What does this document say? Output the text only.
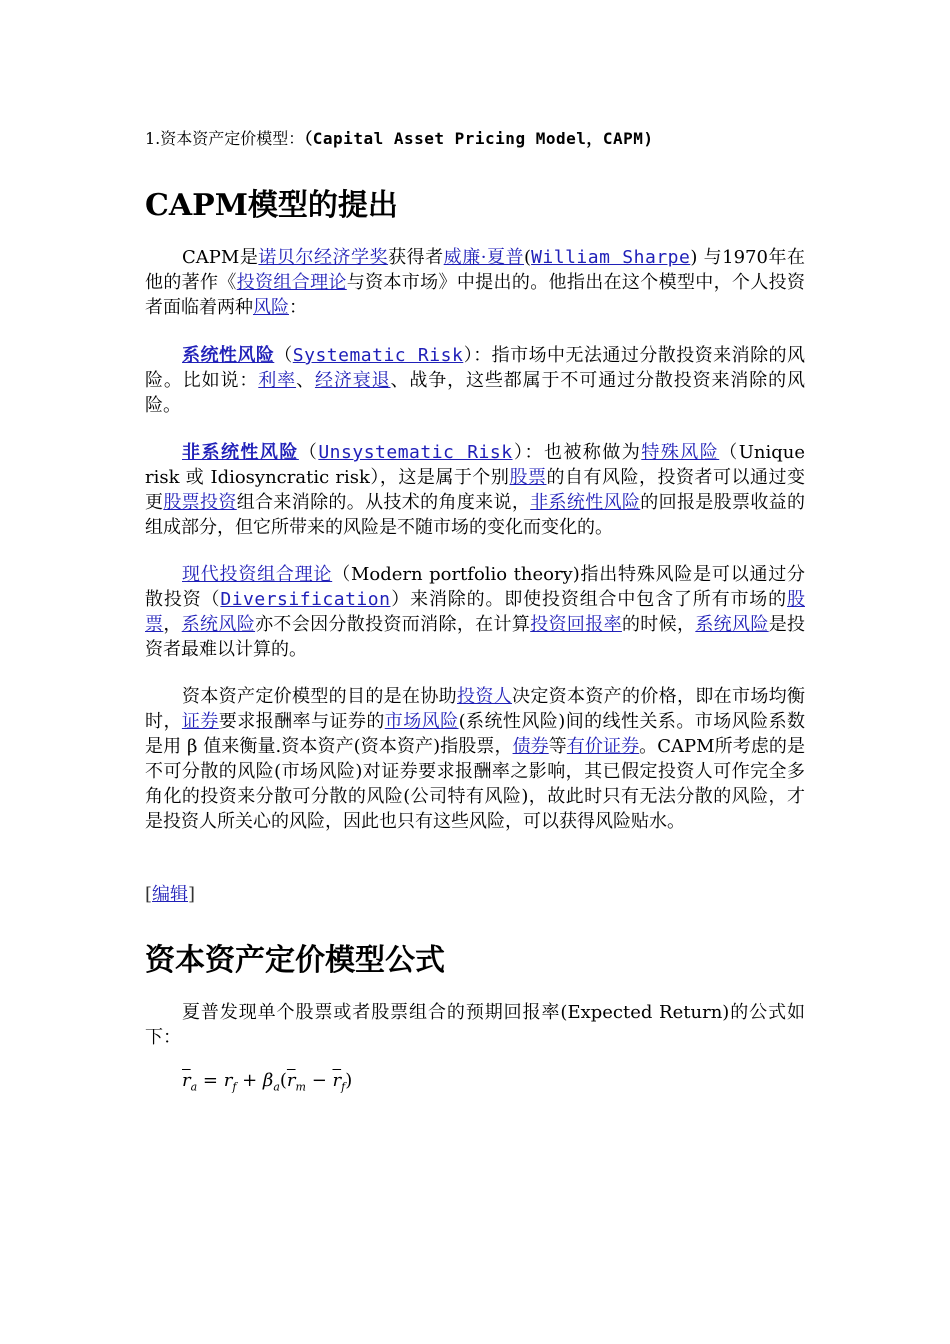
1.资本资产定价模型：（Capital Asset Pricing Model，CAPM)
CAPM模型的提出

CAPM是诺贝尔经济学奖获得者威廉·夏普(William Sharpe) 与1970年在他的著作《投资组合理论与资本市场》中提出的。他指出在这个模型中，个人投资者面临着两种风险：

系统性风险（Systematic Risk）：指市场中无法通过分散投资来消除的风险。比如说：利率、经济衰退、战争，这些都属于不可通过分散投资来消除的风险。

非系统性风险（Unsystematic Risk）：也被称做为特殊风险（Unique risk 或 Idiosyncratic risk），这是属于个别股票的自有风险，投资者可以通过变更股票投资组合来消除的。从技术的角度来说，非系统性风险的回报是股票收益的组成部分，但它所带来的风险是不随市场的变化而变化的。

现代投资组合理论（Modern portfolio theory)指出特殊风险是可以通过分散投资（Diversification）来消除的。即使投资组合中包含了所有市场的股票，系统风险亦不会因分散投资而消除，在计算投资回报率的时候，系统风险是投资者最难以计算的。

资本资产定价模型的目的是在协助投资人决定资本资产的价格，即在市场均衡时，证券要求报酬率与证券的市场风险(系统性风险)间的线性关系。市场风险系数是用 β 值来衡量.资本资产(资本资产)指股票，债券等有价证券。CAPM所考虑的是不可分散的风险(市场风险)对证券要求报酬率之影响，其已假定投资人可作完全多角化的投资来分散可分散的风险(公司特有风险)，故此时只有无法分散的风险，才是投资人所关心的风险，因此也只有这些风险，可以获得风险贴水。

[编辑]
资本资产定价模型公式

夏普发现单个股票或者股票组合的预期回报率(Expected Return)的公式如下：

$\overline{r}_a = r_f + \beta_a(\overline{r}_m - \overline{r}_f)$
